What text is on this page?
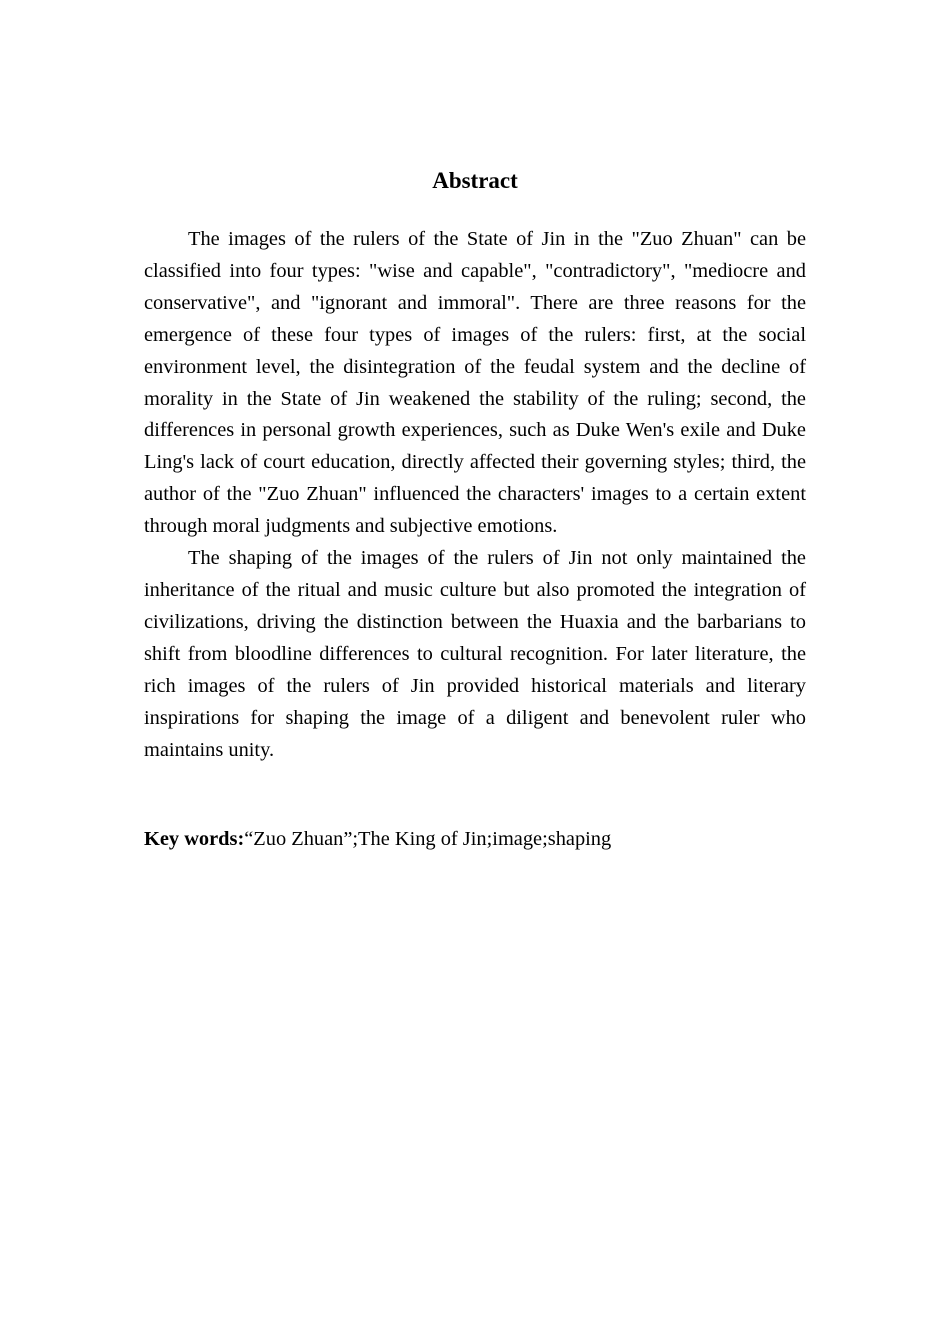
Abstract

The images of the rulers of the State of Jin in the "Zuo Zhuan" can be classified into four types: "wise and capable", "contradictory", "mediocre and conservative", and "ignorant and immoral". There are three reasons for the emergence of these four types of images of the rulers: first, at the social environment level, the disintegration of the feudal system and the decline of morality in the State of Jin weakened the stability of the ruling; second, the differences in personal growth experiences, such as Duke Wen's exile and Duke Ling's lack of court education, directly affected their governing styles; third, the author of the "Zuo Zhuan" influenced the characters' images to a certain extent through moral judgments and subjective emotions.

The shaping of the images of the rulers of Jin not only maintained the inheritance of the ritual and music culture but also promoted the integration of civilizations, driving the distinction between the Huaxia and the barbarians to shift from bloodline differences to cultural recognition. For later literature, the rich images of the rulers of Jin provided historical materials and literary inspirations for shaping the image of a diligent and benevolent ruler who maintains unity.

Key words:“Zuo Zhuan”;The King of Jin;image;shaping
